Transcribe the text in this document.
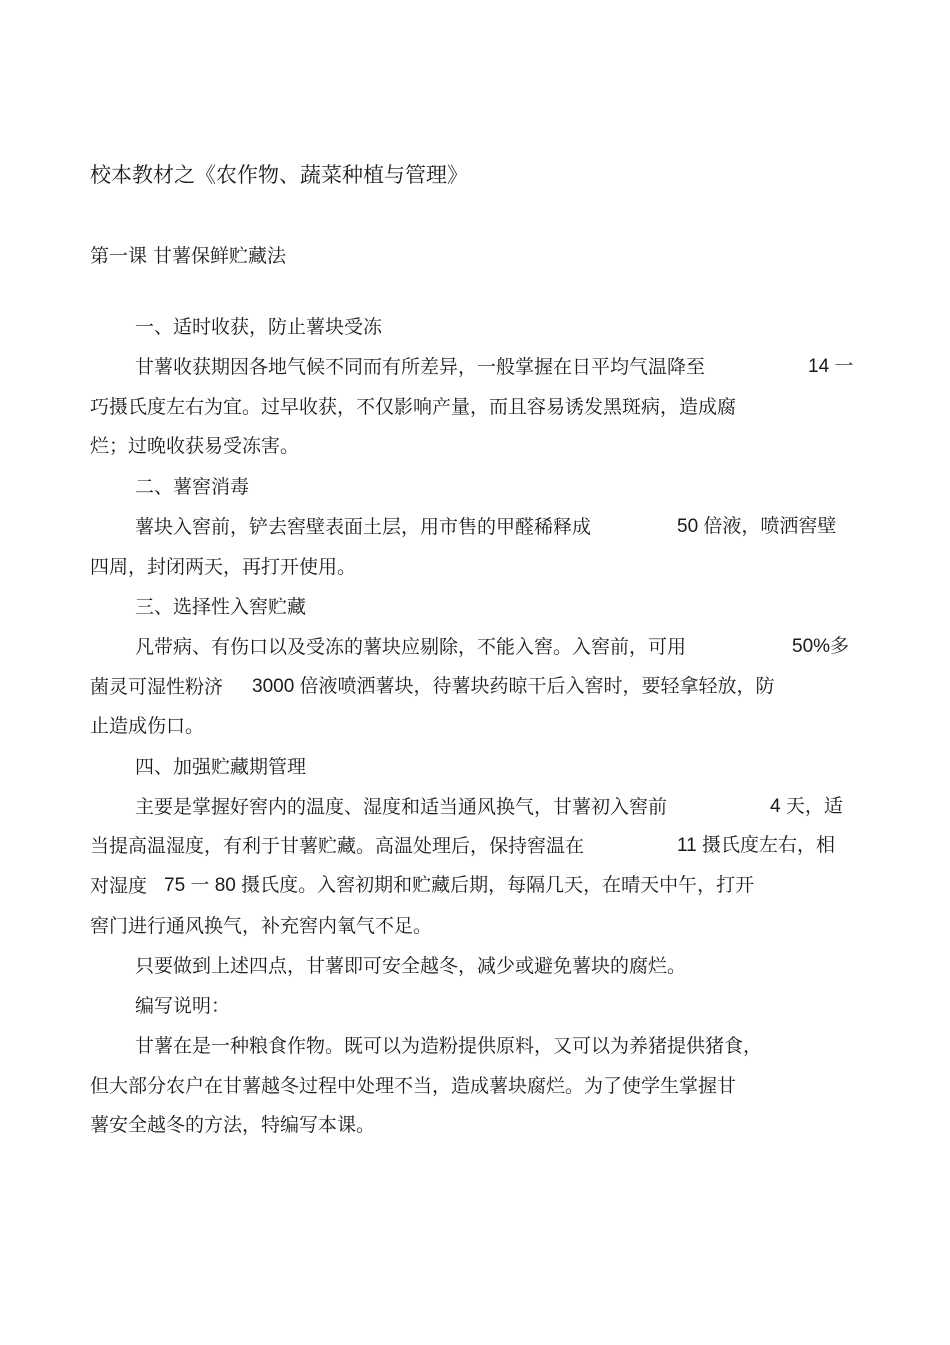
校本教材之《农作物、蔬菜种植与管理》
第一课 甘薯保鲜贮藏法
一、适时收获，防止薯块受冻
甘薯收获期因各地气候不同而有所差异，一般掌握在日平均气温降至	14 一
巧摄氏度左右为宜。过早收获，不仅影响产量，而且容易诱发黑斑病，造成腐
烂；过晚收获易受冻害。
二、薯窖消毒
薯块入窖前，铲去窖壁表面土层，用市售的甲醛稀释成	50 倍液，喷洒窖壁
四周，封闭两天，再打开使用。
三、选择性入窖贮藏
凡带病、有伤口以及受冻的薯块应剔除，不能入窖。入窖前，可用	50%多
菌灵可湿性粉济 3000 倍液喷洒薯块，待薯块药晾干后入窖时，要轻拿轻放，防
止造成伤口。
四、加强贮藏期管理
主要是掌握好窖内的温度、湿度和适当通风换气，甘薯初入窖前	4 天，适
当提高温湿度，有利于甘薯贮藏。高温处理后，保持窖温在	11 摄氏度左右，相
对湿度 75 一 80 摄氏度。入窖初期和贮藏后期，每隔几天，在晴天中午，打开
窖门进行通风换气，补充窖内氧气不足。
只要做到上述四点，甘薯即可安全越冬，减少或避免薯块的腐烂。
编写说明：
甘薯在是一种粮食作物。既可以为造粉提供原料，又可以为养猪提供猪食，
但大部分农户在甘薯越冬过程中处理不当，造成薯块腐烂。为了使学生掌握甘
薯安全越冬的方法，特编写本课。
